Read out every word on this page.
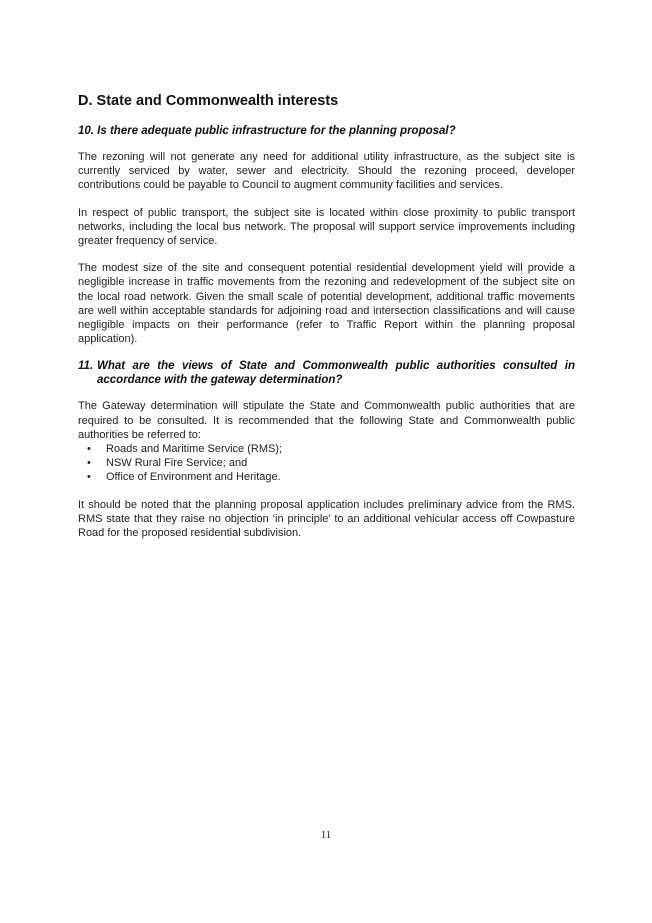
D. State and Commonwealth interests
10. Is there adequate public infrastructure for the planning proposal?

The rezoning will not generate any need for additional utility infrastructure, as the subject site is currently serviced by water, sewer and electricity. Should the rezoning proceed, developer contributions could be payable to Council to augment community facilities and services.

In respect of public transport, the subject site is located within close proximity to public transport networks, including the local bus network. The proposal will support service improvements including greater frequency of service.

The modest size of the site and consequent potential residential development yield will provide a negligible increase in traffic movements from the rezoning and redevelopment of the subject site on the local road network. Given the small scale of potential development, additional traffic movements are well within acceptable standards for adjoining road and intersection classifications and will cause negligible impacts on their performance (refer to Traffic Report within the planning proposal application).

11. What are the views of State and Commonwealth public authorities consulted in accordance with the gateway determination?

The Gateway determination will stipulate the State and Commonwealth public authorities that are required to be consulted. It is recommended that the following State and Commonwealth public authorities be referred to:

•	Roads and Maritime Service (RMS);
•	NSW Rural Fire Service; and
•	Office of Environment and Heritage.

It should be noted that the planning proposal application includes preliminary advice from the RMS. RMS state that they raise no objection ‘in principle’ to an additional vehicular access off Cowpasture Road for the proposed residential subdivision.

11
